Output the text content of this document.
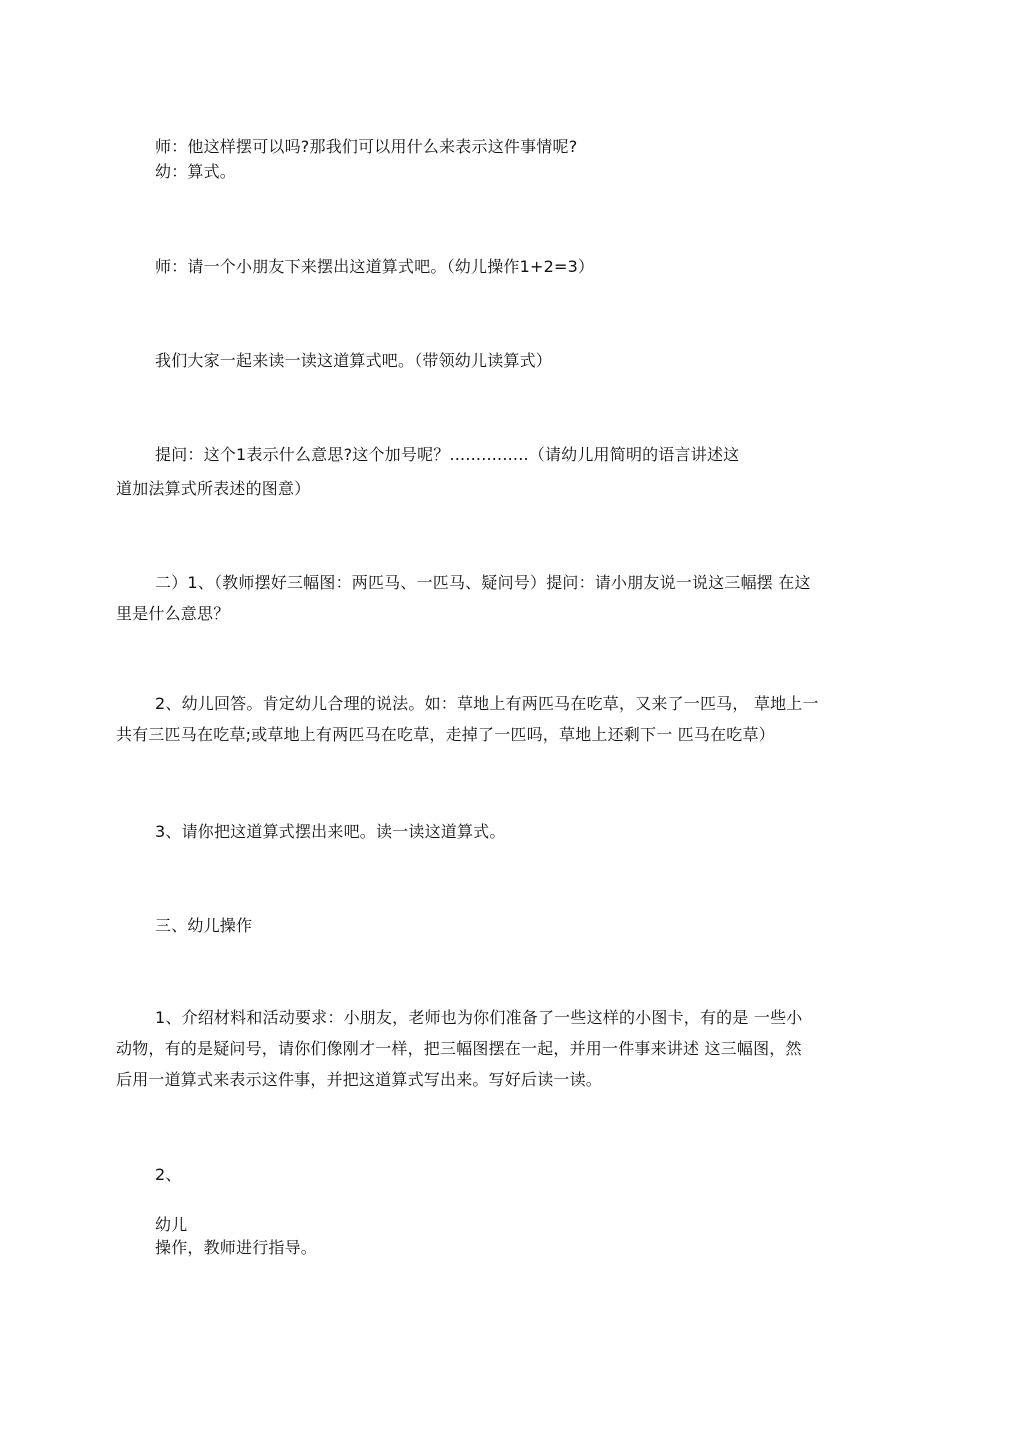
师：他这样摆可以吗?那我们可以用什么来表示这件事情呢?
幼：算式。
师：请一个小朋友下来摆出这道算式吧。（幼儿操作1+2=3）
我们大家一起来读一读这道算式吧。（带领幼儿读算式）
提问：这个1表示什么意思?这个加号呢？...............（请幼儿用简明的语言讲述这
道加法算式所表述的图意）
二）1、（教师摆好三幅图：两匹马、一匹马、疑问号）提问：请小朋友说一说这三幅摆 在这
里是什么意思？
2、幼儿回答。肯定幼儿合理的说法。如：草地上有两匹马在吃草，又来了一匹马， 草地上一
共有三匹马在吃草;或草地上有两匹马在吃草，走掉了一匹吗，草地上还剩下一 匹马在吃草）
3、请你把这道算式摆出来吧。读一读这道算式。
三、幼儿操作
1、介绍材料和活动要求：小朋友，老师也为你们准备了一些这样的小图卡，有的是 一些小
动物，有的是疑问号，请你们像刚才一样，把三幅图摆在一起，并用一件事来讲述 这三幅图，然
后用一道算式来表示这件事，并把这道算式写出来。写好后读一读。
2、
幼儿
操作，教师进行指导。
